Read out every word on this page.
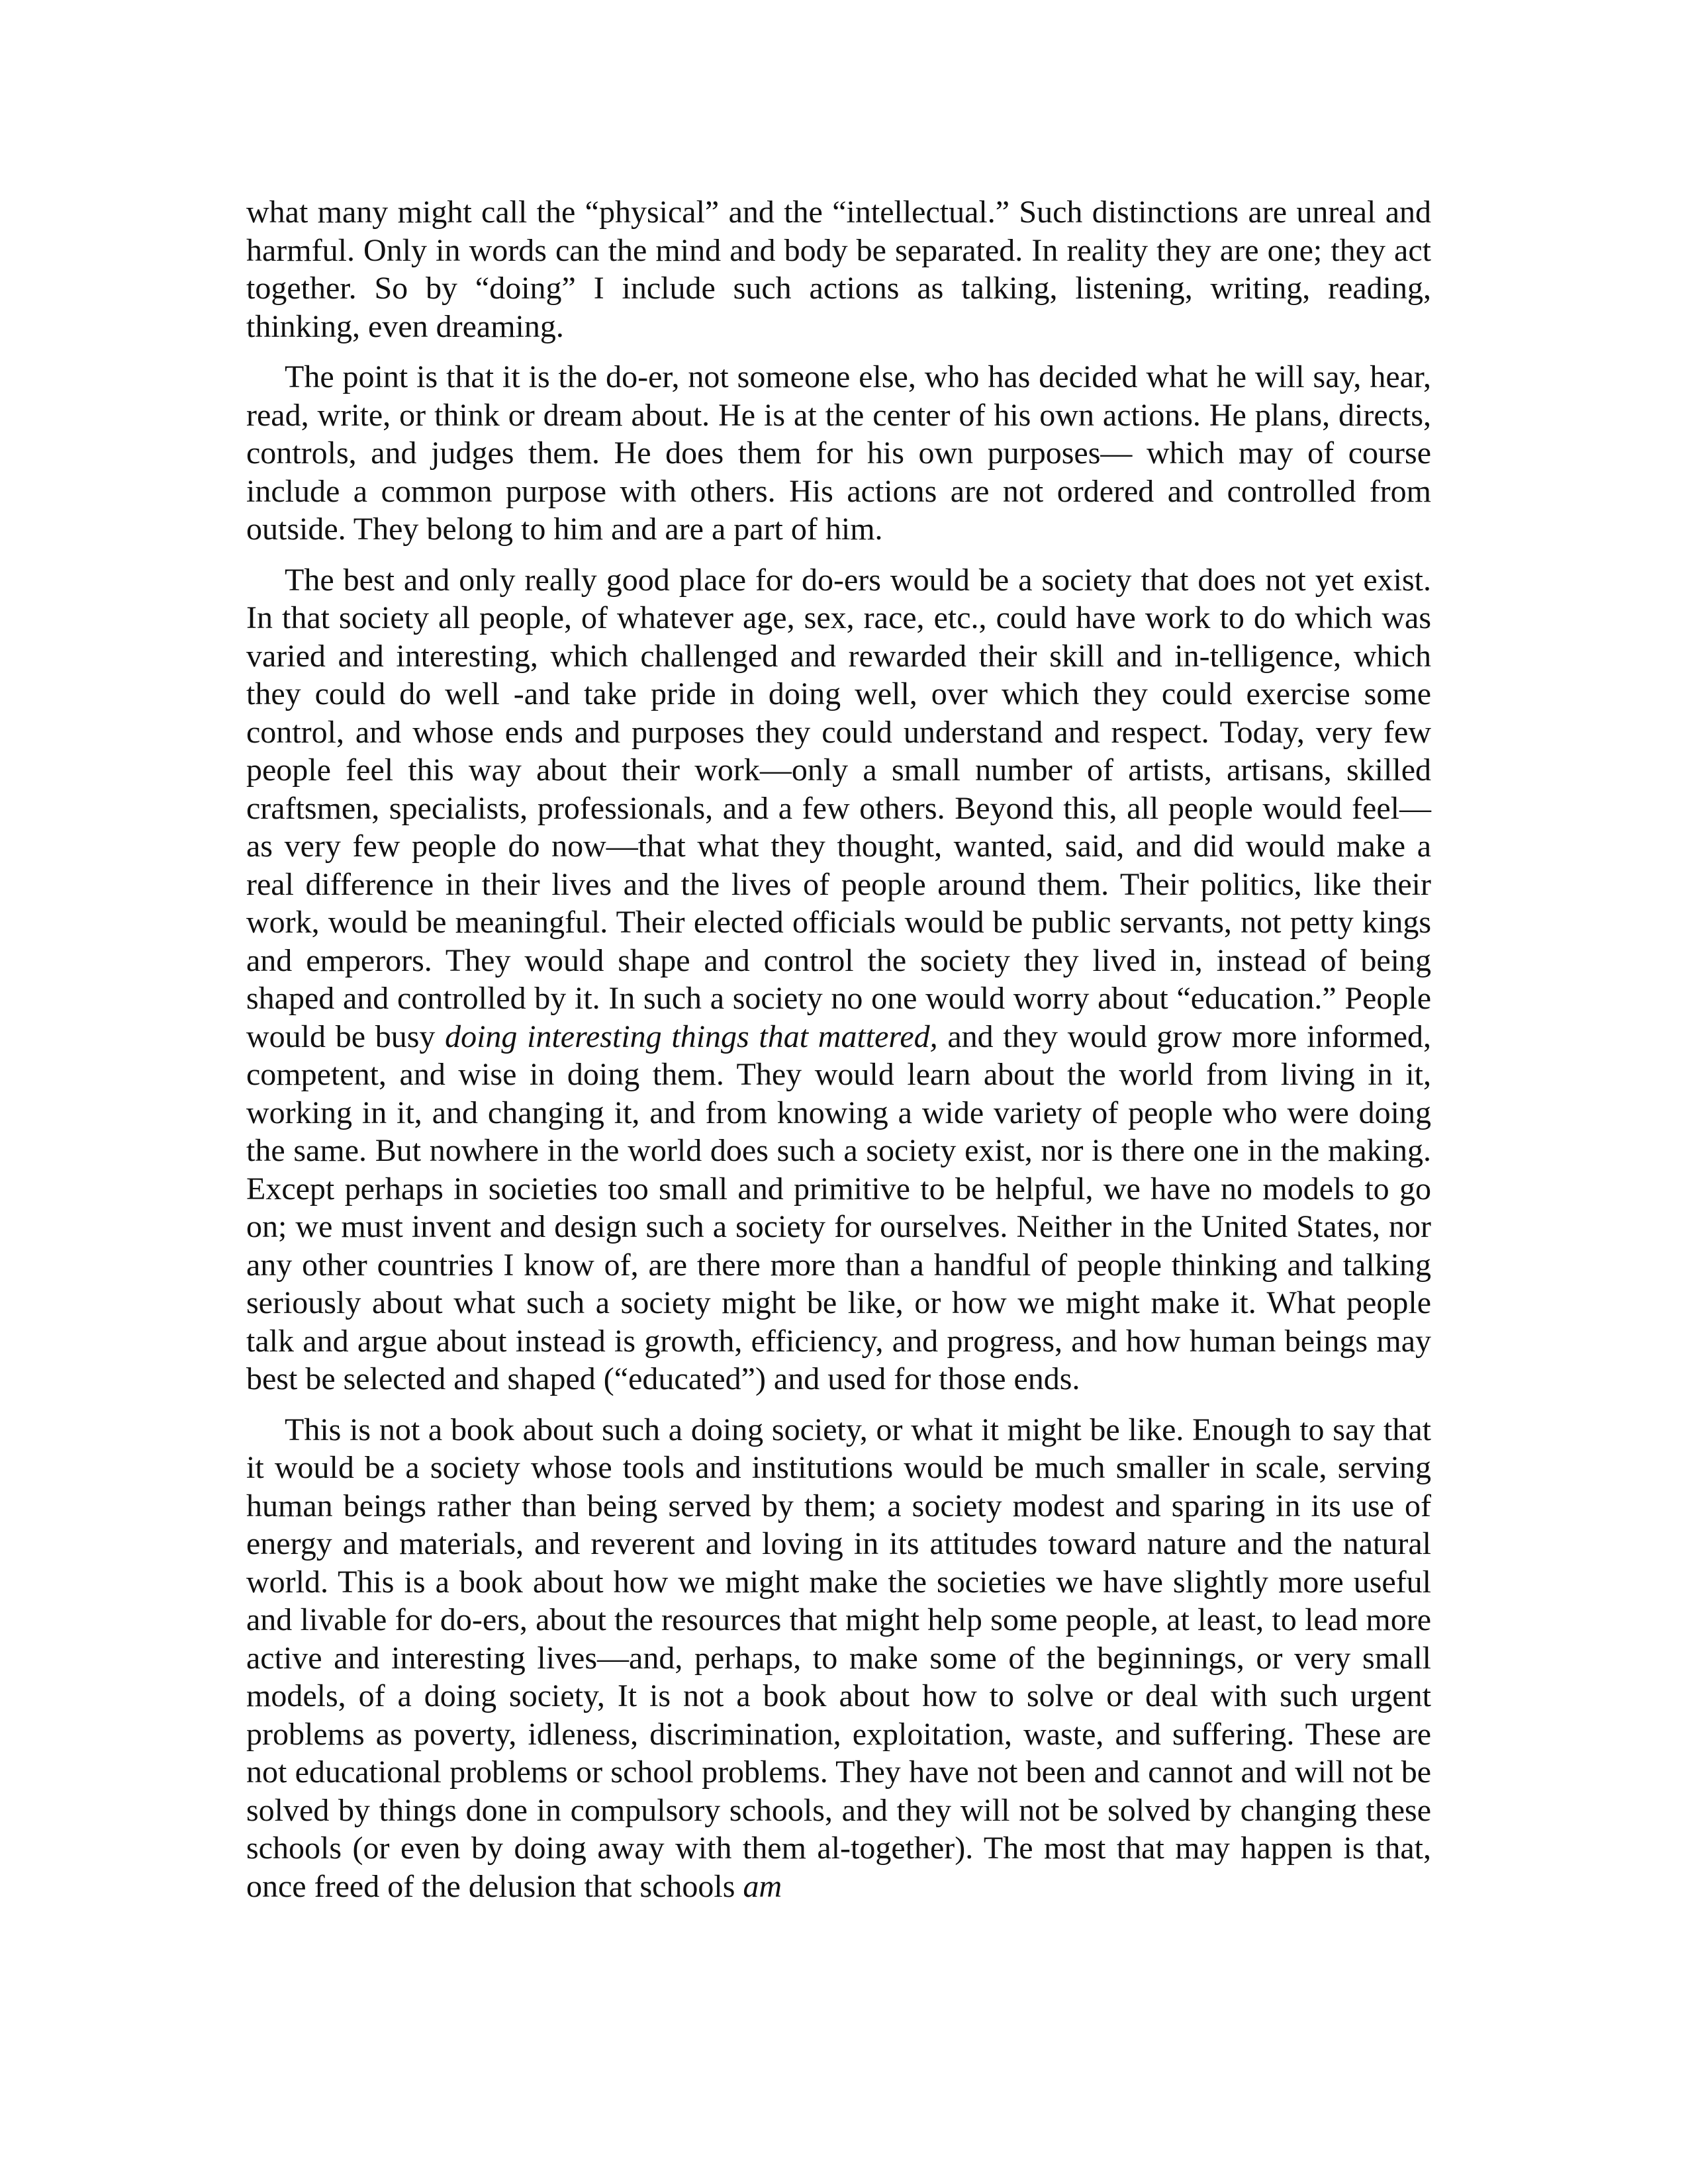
what many might call the “physical” and the “intellectual.” Such distinctions are unreal and harmful. Only in words can the mind and body be separated. In reality they are one; they act together. So by “doing” I include such actions as talking, listening, writing, reading, thinking, even dreaming.

The point is that it is the do-er, not someone else, who has decided what he will say, hear, read, write, or think or dream about. He is at the center of his own actions. He plans, directs, controls, and judges them. He does them for his own purposes— which may of course include a common purpose with others. His actions are not ordered and controlled from outside. They belong to him and are a part of him.

The best and only really good place for do-ers would be a society that does not yet exist. In that society all people, of whatever age, sex, race, etc., could have work to do which was varied and interesting, which challenged and rewarded their skill and in-telligence, which they could do well -and take pride in doing well, over which they could exercise some control, and whose ends and purposes they could understand and respect. Today, very few people feel this way about their work—only a small number of artists, artisans, skilled craftsmen, specialists, professionals, and a few others. Beyond this, all people would feel—as very few people do now—that what they thought, wanted, said, and did would make a real difference in their lives and the lives of people around them. Their politics, like their work, would be meaningful. Their elected officials would be public servants, not petty kings and emperors. They would shape and control the society they lived in, instead of being shaped and controlled by it. In such a society no one would worry about “education.” People would be busy doing interesting things that mattered, and they would grow more informed, competent, and wise in doing them. They would learn about the world from living in it, working in it, and changing it, and from knowing a wide variety of people who were doing the same. But nowhere in the world does such a society exist, nor is there one in the making. Except perhaps in societies too small and primitive to be helpful, we have no models to go on; we must invent and design such a society for ourselves. Neither in the United States, nor any other countries I know of, are there more than a handful of people thinking and talking seriously about what such a society might be like, or how we might make it. What people talk and argue about instead is growth, efficiency, and progress, and how human beings may best be selected and shaped (“educated”) and used for those ends.

This is not a book about such a doing society, or what it might be like. Enough to say that it would be a society whose tools and institutions would be much smaller in scale, serving human beings rather than being served by them; a society modest and sparing in its use of energy and materials, and reverent and loving in its attitudes toward nature and the natural world. This is a book about how we might make the societies we have slightly more useful and livable for do-ers, about the resources that might help some people, at least, to lead more active and interesting lives—and, perhaps, to make some of the beginnings, or very small models, of a doing society, It is not a book about how to solve or deal with such urgent problems as poverty, idleness, discrimination, exploitation, waste, and suffering. These are not educational problems or school problems. They have not been and cannot and will not be solved by things done in compulsory schools, and they will not be solved by changing these schools (or even by doing away with them al-together). The most that may happen is that, once freed of the delusion that schools am
